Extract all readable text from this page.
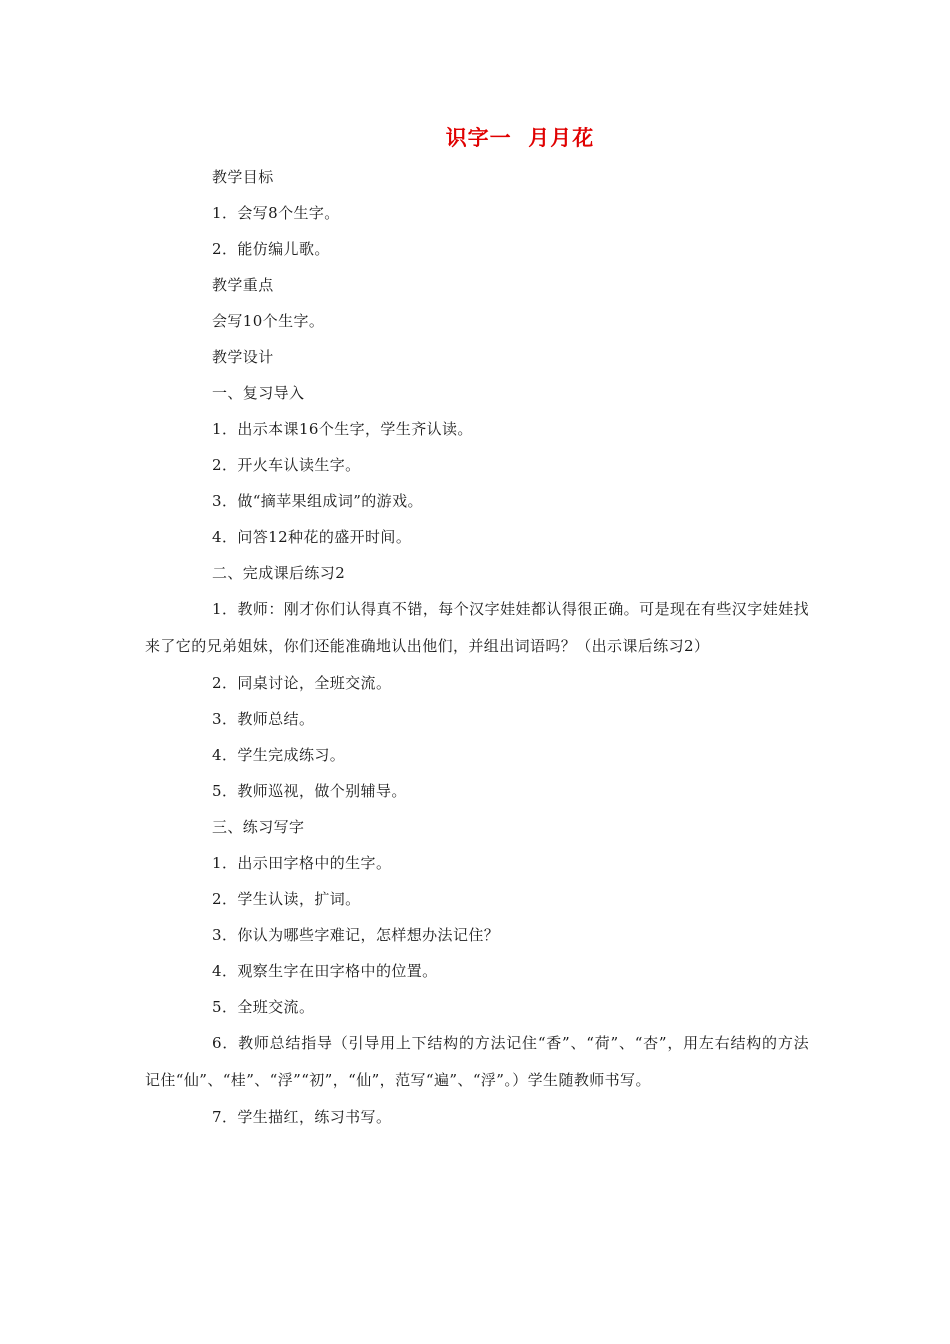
识字一  月月花

教学目标

1．会写8个生字。

2．能仿编儿歌。

教学重点

会写10个生字。

教学设计

一、复习导入

1．出示本课16个生字，学生齐认读。

2．开火车认读生字。

3．做“摘苹果组成词”的游戏。

4．问答12种花的盛开时间。

二、完成课后练习2

1．教师：刚才你们认得真不错，每个汉字娃娃都认得很正确。可是现在有些汉字娃娃找来了它的兄弟姐妹，你们还能准确地认出他们，并组出词语吗？（出示课后练习2）

2．同桌讨论，全班交流。

3．教师总结。

4．学生完成练习。

5．教师巡视，做个别辅导。

三、练习写字

1．出示田字格中的生字。

2．学生认读，扩词。

3．你认为哪些字难记，怎样想办法记住？

4．观察生字在田字格中的位置。

5．全班交流。

6．教师总结指导（引导用上下结构的方法记住“香”、“荷”、“杏”，用左右结构的方法记住“仙”、“桂”、“浮”“初”，“仙”，范写“遍”、“浮”。）学生随教师书写。

7．学生描红，练习书写。
